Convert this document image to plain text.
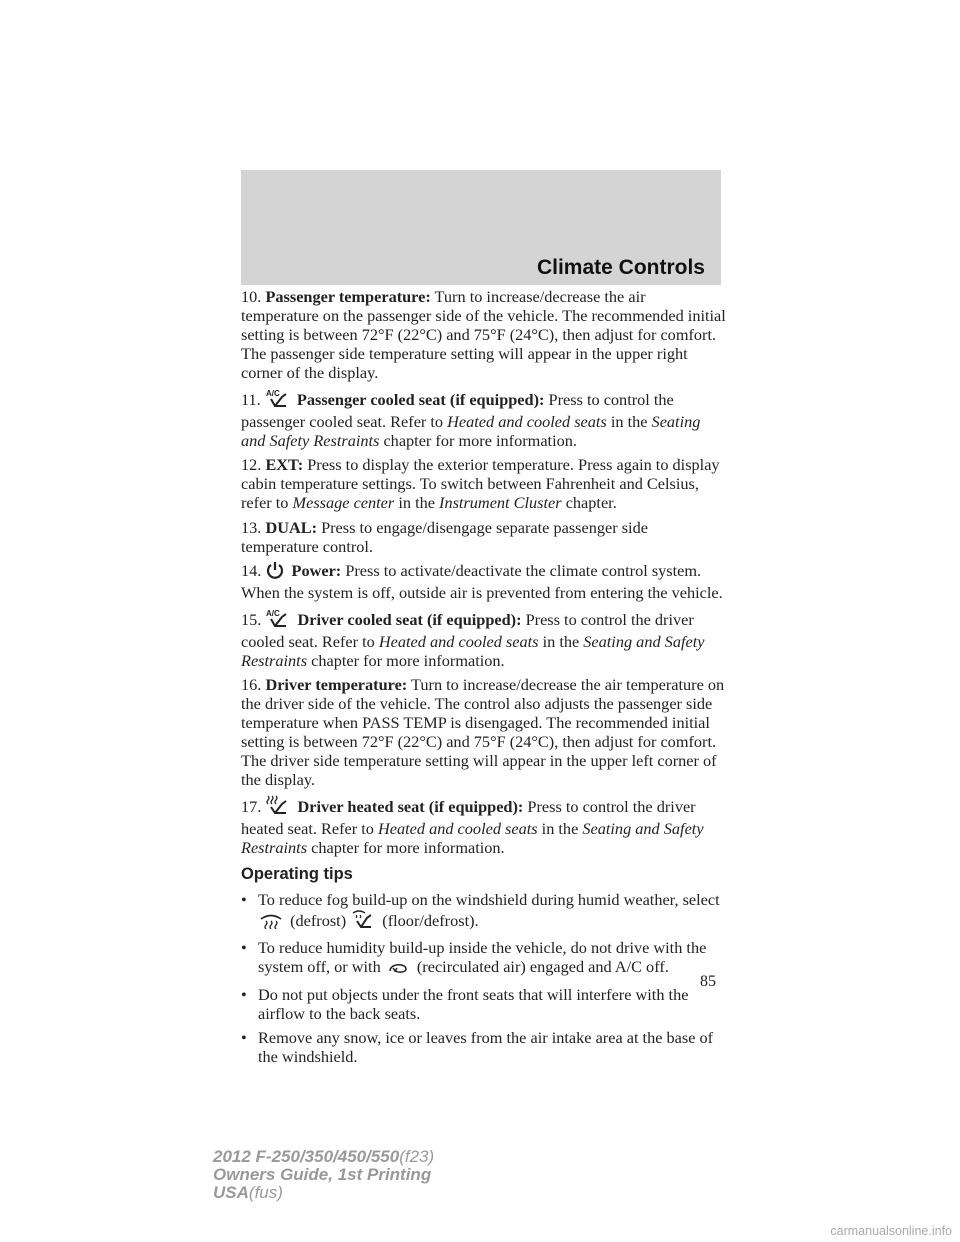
Climate Controls

10. Passenger temperature: Turn to increase/decrease the air temperature on the passenger side of the vehicle. The recommended initial setting is between 72°F (22°C) and 75°F (24°C), then adjust for comfort. The passenger side temperature setting will appear in the upper right corner of the display.

11. A/C Passenger cooled seat (if equipped): Press to control the passenger cooled seat. Refer to Heated and cooled seats in the Seating and Safety Restraints chapter for more information.

12. EXT: Press to display the exterior temperature. Press again to display cabin temperature settings. To switch between Fahrenheit and Celsius, refer to Message center in the Instrument Cluster chapter.

13. DUAL: Press to engage/disengage separate passenger side temperature control.

14. Power: Press to activate/deactivate the climate control system. When the system is off, outside air is prevented from entering the vehicle.

15. A/C Driver cooled seat (if equipped): Press to control the driver cooled seat. Refer to Heated and cooled seats in the Seating and Safety Restraints chapter for more information.

16. Driver temperature: Turn to increase/decrease the air temperature on the driver side of the vehicle. The control also adjusts the passenger side temperature when PASS TEMP is disengaged. The recommended initial setting is between 72°F (22°C) and 75°F (24°C), then adjust for comfort. The driver side temperature setting will appear in the upper left corner of the display.

17. Driver heated seat (if equipped): Press to control the driver heated seat. Refer to Heated and cooled seats in the Seating and Safety Restraints chapter for more information.

Operating tips
• To reduce fog build-up on the windshield during humid weather, select  (defrost) (floor/defrost).
• To reduce humidity build-up inside the vehicle, do not drive with the system off, or with (recirculated air) engaged and A/C off.
• Do not put objects under the front seats that will interfere with the airflow to the back seats.
• Remove any snow, ice or leaves from the air intake area at the base of the windshield.
85
2012 F-250/350/450/550(f23)
Owners Guide, 1st Printing
USA(fus)
carmanualsonline.info
